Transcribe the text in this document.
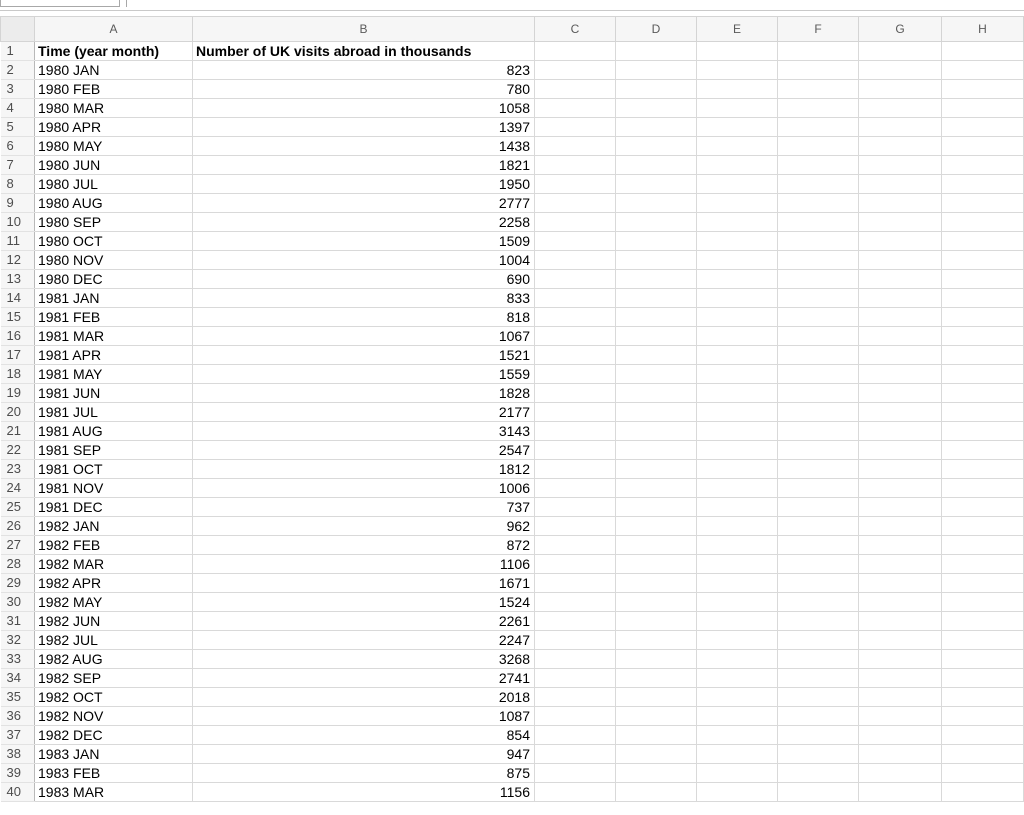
	A	B	C	D	E	F	G	H
1	Time (year month)	Number of UK visits abroad in thousands						
2	1980 JAN	823						
3	1980 FEB	780						
4	1980 MAR	1058						
5	1980 APR	1397						
6	1980 MAY	1438						
7	1980 JUN	1821						
8	1980 JUL	1950						
9	1980 AUG	2777						
10	1980 SEP	2258						
11	1980 OCT	1509						
12	1980 NOV	1004						
13	1980 DEC	690						
14	1981 JAN	833						
15	1981 FEB	818						
16	1981 MAR	1067						
17	1981 APR	1521						
18	1981 MAY	1559						
19	1981 JUN	1828						
20	1981 JUL	2177						
21	1981 AUG	3143						
22	1981 SEP	2547						
23	1981 OCT	1812						
24	1981 NOV	1006						
25	1981 DEC	737						
26	1982 JAN	962						
27	1982 FEB	872						
28	1982 MAR	1106						
29	1982 APR	1671						
30	1982 MAY	1524						
31	1982 JUN	2261						
32	1982 JUL	2247						
33	1982 AUG	3268						
34	1982 SEP	2741						
35	1982 OCT	2018						
36	1982 NOV	1087						
37	1982 DEC	854						
38	1983 JAN	947						
39	1983 FEB	875						
40	1983 MAR	1156						
